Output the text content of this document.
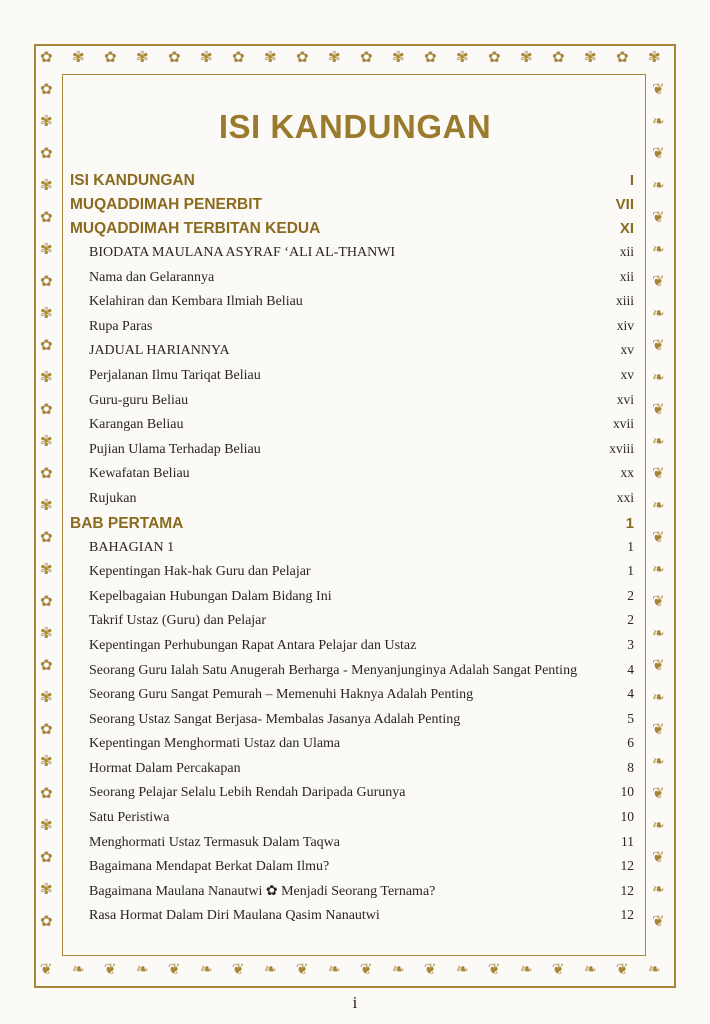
✿
❦
✾
❧
✿
❦
✾
❧
✿
❦
✾
❧
✿
❦
✾
❧
✿
❦
✾
❧
✿
❦
✾
❧
✿
❦
✾
❧
✿
❦
✾
❧
✿
❦
✾
❧
✿
❦
✾
❧
✿	❦
✾	❧
✿	❦
✾	❧
✿	❦
✾	❧
✿	❦
✾	❧
✿	❦
✾	❧
✿	❦
✾	❧
✿	❦
✾	❧
✿	❦
✾	❧
✿	❦
✾	❧
✿	❦
✾	❧
✿	❦
✾	❧
✿	❦
✾	❧
✿	❦
✾	❧
✿	❦
ISI KANDUNGAN
ISI KANDUNGAN	I
MUQADDIMAH PENERBIT	VII
MUQADDIMAH TERBITAN KEDUA	XI
BIODATA MAULANA ASYRAF ‘ALI AL-THANWI	xii
Nama dan Gelarannya	xii
Kelahiran dan Kembara Ilmiah Beliau	xiii
Rupa Paras	xiv
JADUAL HARIANNYA	xv
Perjalanan Ilmu Tariqat Beliau	xv
Guru-guru Beliau	xvi
Karangan Beliau	xvii
Pujian Ulama Terhadap Beliau	xviii
Kewafatan Beliau	xx
Rujukan	xxi
BAB PERTAMA	1
BAHAGIAN 1	1
Kepentingan Hak-hak Guru dan Pelajar	1
Kepelbagaian Hubungan Dalam Bidang Ini	2
Takrif Ustaz (Guru) dan Pelajar	2
Kepentingan Perhubungan Rapat Antara Pelajar dan Ustaz	3
Seorang Guru Ialah Satu Anugerah Berharga - Menyanjunginya Adalah Sangat Penting	4
Seorang Guru Sangat Pemurah – Memenuhi Haknya Adalah Penting	4
Seorang Ustaz Sangat Berjasa- Membalas Jasanya Adalah Penting	5
Kepentingan Menghormati Ustaz dan Ulama	6
Hormat Dalam Percakapan	8
Seorang Pelajar Selalu Lebih Rendah Daripada Gurunya	10
Satu Peristiwa	10
Menghormati Ustaz Termasuk Dalam Taqwa	11
Bagaimana Mendapat Berkat Dalam Ilmu?	12
Bagaimana Maulana Nanautwi ✿ Menjadi Seorang Ternama?	12
Rasa Hormat Dalam Diri Maulana Qasim Nanautwi	12
i
